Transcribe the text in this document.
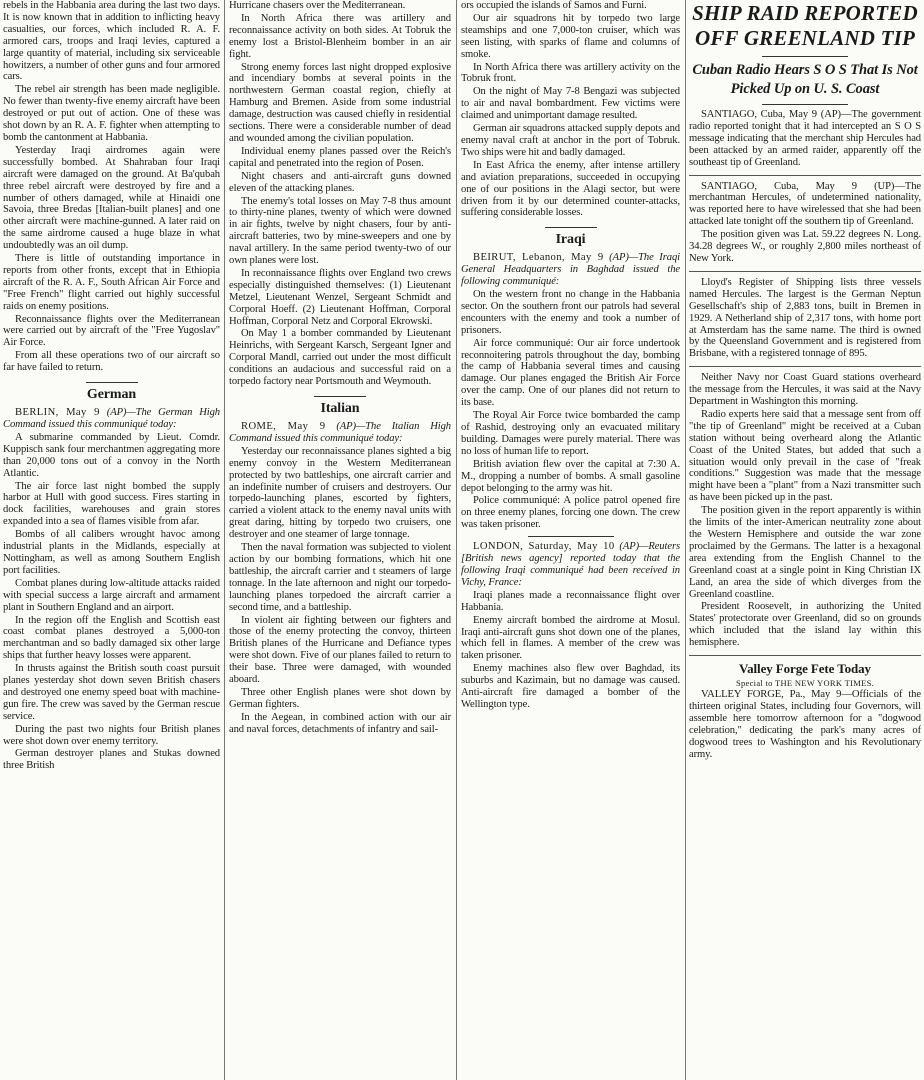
rebels in the Habbania area during the last two days. It is now known that in addition to inflicting heavy casualties, our forces, which included R. A. F. armored cars, troops and Iraqi levies, captured a large quantity of material, including six serviceable howitzers, a number of other guns and four armored cars.

The rebel air strength has been made negligible. No fewer than twenty-five enemy aircraft have been destroyed or put out of action. One of these was shot down by an R. A. F. fighter when attempting to bomb the cantonment at Habbania.

Yesterday Iraqi airdromes again were successfully bombed. At Shahraban four Iraqi aircraft were damaged on the ground. At Ba'qubah three rebel aircraft were destroyed by fire and a number of others damaged, while at Hinaidi one Savoia, three Bredas [Italian-built planes] and one other aircraft were machine-gunned. A later raid on the same airdrome caused a huge blaze in what undoubtedly was an oil dump.

There is little of outstanding importance in reports from other fronts, except that in Ethiopia aircraft of the R. A. F., South African Air Force and "Free French" flight carried out highly successful raids on enemy positions.

Reconnaissance flights over the Mediterranean were carried out by aircraft of the "Free Yugoslav" Air Force.

From all these operations two of our aircraft so far have failed to return.

German

BERLIN, May 9 (AP)—The German High Command issued this communiqué today:

A submarine commanded by Lieut. Comdr. Kuppisch sank four merchantmen aggregating more than 20,000 tons out of a convoy in the North Atlantic.

The air force last night bombed the supply harbor at Hull with good success. Fires starting in dock facilities, warehouses and grain stores expanded into a sea of flames visible from afar.

Bombs of all calibers wrought havoc among industrial plants in the Midlands, especially at Nottingham, as well as among Southern English port facilities.

Combat planes during low-altitude attacks raided with special success a large aircraft and armament plant in Southern England and an airport.

In the region off the English and Scottish east coast combat planes destroyed a 5,000-ton merchantman and so badly damaged six other large ships that further heavy losses were apparent.

In thrusts against the British south coast pursuit planes yesterday shot down seven British chasers and destroyed one enemy speed boat with machine-gun fire. The crew was saved by the German rescue service.

During the past two nights four British planes were shot down over enemy territory.

German destroyer planes and Stukas downed three British

Hurricane chasers over the Mediterranean.

In North Africa there was artillery and reconnaissance activity on both sides. At Tobruk the enemy lost a Bristol-Blenheim bomber in an air fight.

Strong enemy forces last night dropped explosive and incendiary bombs at several points in the northwestern German coastal region, chiefly at Hamburg and Bremen. Aside from some industrial damage, destruction was caused chiefly in residential sections. There were a considerable number of dead and wounded among the civilian population.

Individual enemy planes passed over the Reich's capital and penetrated into the region of Posen.

Night chasers and anti-aircraft guns downed eleven of the attacking planes.

The enemy's total losses on May 7-8 thus amount to thirty-nine planes, twenty of which were downed in air fights, twelve by night chasers, four by anti-aircraft batteries, two by mine-sweepers and one by naval artillery. In the same period twenty-two of our own planes were lost.

In reconnaissance flights over England two crews especially distinguished themselves: (1) Lieutenant Metzel, Lieutenant Wenzel, Sergeant Schmidt and Corporal Hoeff. (2) Lieutenant Hoffman, Corporal Hoffman, Corporal Netz and Corporal Ekrowski.

On May 1 a bomber commanded by Lieutenant Heinrichs, with Sergeant Karsch, Sergeant Igner and Corporal Mandl, carried out under the most difficult conditions an audacious and successful raid on a torpedo factory near Portsmouth and Weymouth.

Italian

ROME, May 9 (AP)—The Italian High Command issued this communiqué today:

Yesterday our reconnaissance planes sighted a big enemy convoy in the Western Mediterranean protected by two battleships, one aircraft carrier and an indefinite number of cruisers and destroyers. Our torpedo-launching planes, escorted by fighters, carried a violent attack to the enemy naval units with great daring, hitting by torpedo two cruisers, one destroyer and one steamer of large tonnage.

Then the naval formation was subjected to violent action by our bombing formations, which hit one battleship, the aircraft carrier and t steamers of large tonnage. In the late afternoon and night our torpedo-launching planes torpedoed the aircraft carrier a second time, and a battleship.

In violent air fighting between our fighters and those of the enemy protecting the convoy, thirteen British planes of the Hurricane and Defiance types were shot down. Five of our planes failed to return to their base. Three were damaged, with wounded aboard.

Three other English planes were shot down by German fighters.

In the Aegean, in combined action with our air and naval forces, detachments of infantry and sail-

ors occupied the islands of Samos and Furni.

Our air squadrons hit by torpedo two large steamships and one 7,000-ton cruiser, which was seen listing, with sparks of flame and columns of smoke.

In North Africa there was artillery activity on the Tobruk front.

On the night of May 7-8 Bengazi was subjected to air and naval bombardment. Few victims were claimed and unimportant damage resulted.

German air squadrons attacked supply depots and enemy naval craft at anchor in the port of Tobruk. Two ships were hit and badly damaged.

In East Africa the enemy, after intense artillery and aviation preparations, succeeded in occupying one of our positions in the Alagi sector, but were driven from it by our determined counter-attacks, suffering considerable losses.

Iraqi

BEIRUT, Lebanon, May 9 (AP)—The Iraqi General Headquarters in Baghdad issued the following communiqué:

On the western front no change in the Habbania sector. On the southern front our patrols had several encounters with the enemy and took a number of prisoners.

Air force communiqué: Our air force undertook reconnoitering patrols throughout the day, bombing the camp of Habbania several times and causing damage. Our planes engaged the British Air Force over the camp. One of our planes did not return to its base.

The Royal Air Force twice bombarded the camp of Rashid, destroying only an evacuated military building. Damages were purely material. There was no loss of human life to report.

British aviation flew over the capital at 7:30 A. M., dropping a number of bombs. A small gasoline depot belonging to the army was hit.

Police communiqué: A police patrol opened fire on three enemy planes, forcing one down. The crew was taken prisoner.

LONDON, Saturday, May 10 (AP)—Reuters [British news agency] reported today that the following Iraqi communiqué had been received in Vichy, France:

Iraqi planes made a reconnaissance flight over Habbania.

Enemy aircraft bombed the airdrome at Mosul. Iraqi anti-aircraft guns shot down one of the planes, which fell in flames. A member of the crew was taken prisoner.

Enemy machines also flew over Baghdad, its suburbs and Kazimain, but no damage was caused. Anti-aircraft fire damaged a bomber of the Wellington type.

SHIP RAID REPORTED OFF GREENLAND TIP
Cuban Radio Hears S O S That Is Not Picked Up on U. S. Coast

SANTIAGO, Cuba, May 9 (AP)—The government radio reported tonight that it had intercepted an S O S message indicating that the merchant ship Hercules had been attacked by an armed raider, apparently off the southeast tip of Greenland.

SANTIAGO, Cuba, May 9 (UP)—The merchantman Hercules, of undetermined nationality, was reported here to have wirelessed that she had been attacked late tonight off the southern tip of Greenland.

The position given was Lat. 59.22 degrees N. Long. 34.28 degrees W., or roughly 2,800 miles northeast of New York.

Lloyd's Register of Shipping lists three vessels named Hercules. The largest is the German Neptun Gesellschaft's ship of 2,883 tons, built in Bremen in 1929. A Netherland ship of 2,317 tons, with home port at Amsterdam has the same name. The third is owned by the Queensland Government and is registered from Brisbane, with a registered tonnage of 895.

Neither Navy nor Coast Guard stations overheard the message from the Hercules, it was said at the Navy Department in Washington this morning.

Radio experts here said that a message sent from off "the tip of Greenland" might be received at a Cuban station without being overheard along the Atlantic Coast of the United States, but added that such a situation would only prevail in the case of "freak conditions." Suggestion was made that the message might have been a "plant" from a Nazi transmitter such as have been picked up in the past.

The position given in the report apparently is within the limits of the inter-American neutrality zone about the Western Hemisphere and outside the war zone proclaimed by the Germans. The latter is a hexagonal area extending from the English Channel to the Greenland coast at a single point in King Christian IX Land, an area the side of which diverges from the Greenland coastline.

President Roosevelt, in authorizing the United States' protectorate over Greenland, did so on grounds which included that the island lay within this hemisphere.

Valley Forge Fete Today
Special to THE NEW YORK TIMES.

VALLEY FORGE, Pa., May 9—Officials of the thirteen original States, including four Governors, will assemble here tomorrow afternoon for a "dogwood celebration," dedicating the park's many acres of dogwood trees to Washington and his Revolutionary army.
